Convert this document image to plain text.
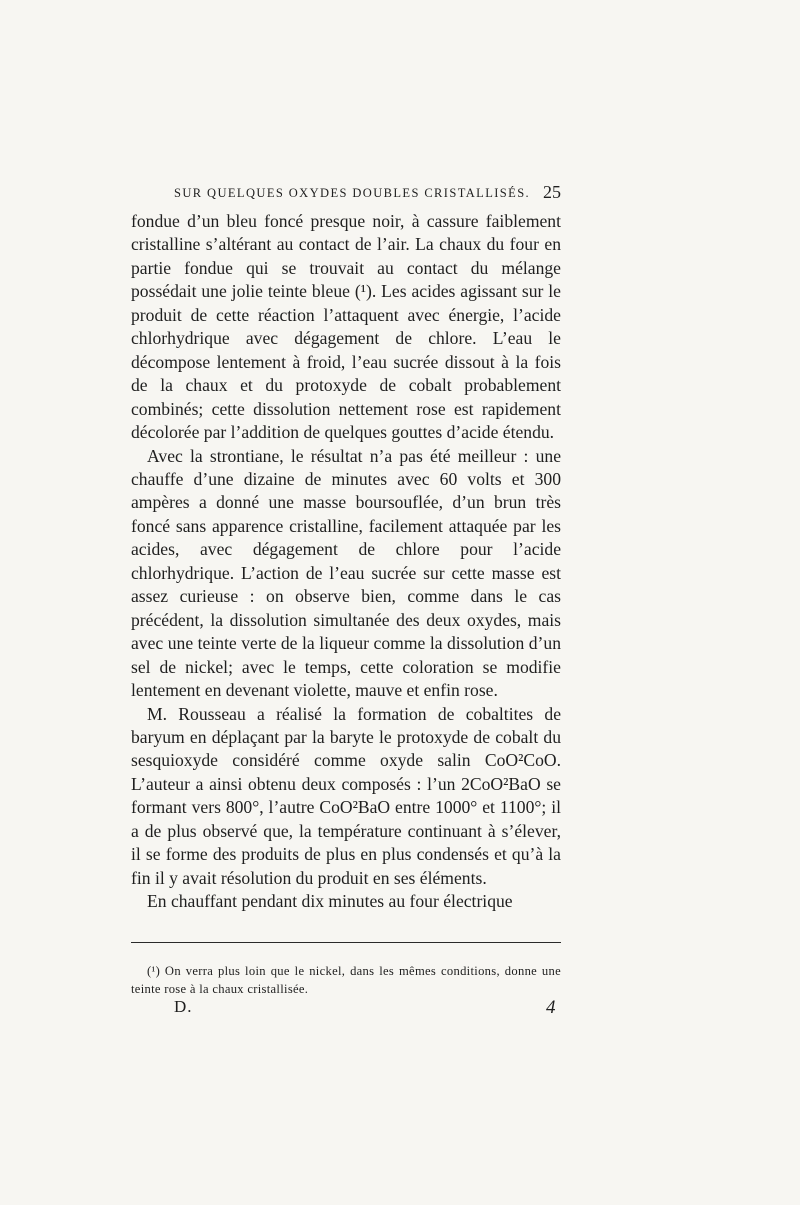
SUR QUELQUES OXYDES DOUBLES CRISTALLISÉS. 25

fondue d’un bleu foncé presque noir, à cassure faiblement cristalline s’altérant au contact de l’air. La chaux du four en partie fondue qui se trouvait au contact du mélange possédait une jolie teinte bleue (¹). Les acides agissant sur le produit de cette réaction l’attaquent avec énergie, l’acide chlorhydrique avec dégagement de chlore. L’eau le décompose lentement à froid, l’eau sucrée dissout à la fois de la chaux et du protoxyde de cobalt probablement combinés; cette dissolution nettement rose est rapidement décolorée par l’addition de quelques gouttes d’acide étendu.

Avec la strontiane, le résultat n’a pas été meilleur : une chauffe d’une dizaine de minutes avec 60 volts et 300 ampères a donné une masse boursouflée, d’un brun très foncé sans apparence cristalline, facilement attaquée par les acides, avec dégagement de chlore pour l’acide chlorhydrique. L’action de l’eau sucrée sur cette masse est assez curieuse : on observe bien, comme dans le cas précédent, la dissolution simultanée des deux oxydes, mais avec une teinte verte de la liqueur comme la dissolution d’un sel de nickel; avec le temps, cette coloration se modifie lentement en devenant violette, mauve et enfin rose.

M. Rousseau a réalisé la formation de cobaltites de baryum en déplaçant par la baryte le protoxyde de cobalt du sesquioxyde considéré comme oxyde salin CoO²CoO. L’auteur a ainsi obtenu deux composés : l’un 2CoO²BaO se formant vers 800°, l’autre CoO²BaO entre 1000° et 1100°; il a de plus observé que, la température continuant à s’élever, il se forme des produits de plus en plus condensés et qu’à la fin il y avait résolution du produit en ses éléments.

En chauffant pendant dix minutes au four électrique

(¹) On verra plus loin que le nickel, dans les mêmes conditions, donne une teinte rose à la chaux cristallisée.
D.	4
